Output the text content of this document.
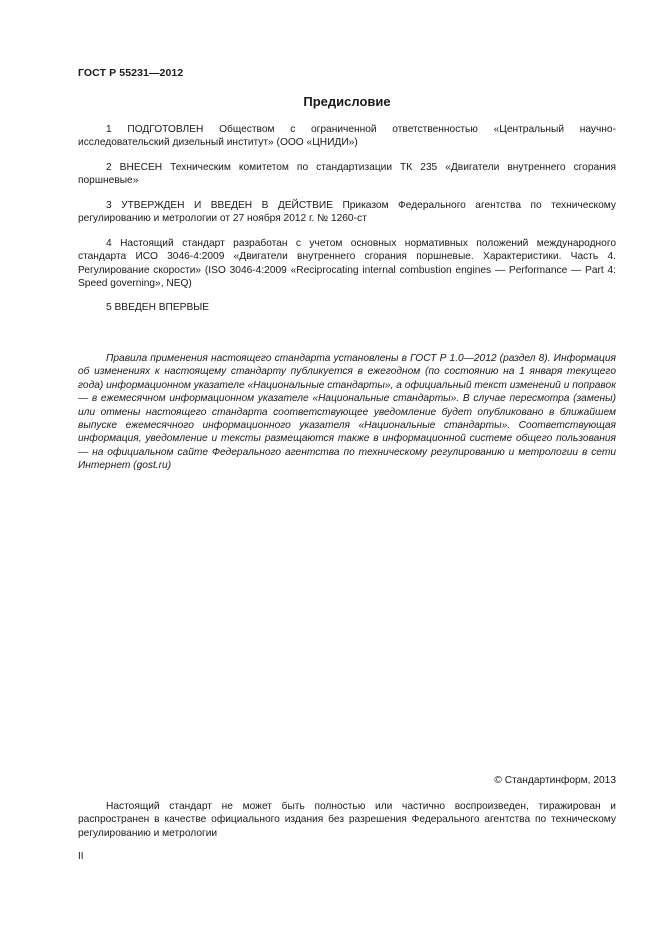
ГОСТ Р 55231—2012
Предисловие

1 ПОДГОТОВЛЕН Обществом с ограниченной ответственностью «Центральный научно-исследовательский дизельный институт» (ООО «ЦНИДИ»)

2 ВНЕСЕН Техническим комитетом по стандартизации ТК 235 «Двигатели внутреннего сгорания поршневые»

3 УТВЕРЖДЕН И ВВЕДЕН В ДЕЙСТВИЕ Приказом Федерального агентства по техническому регулированию и метрологии от 27 ноября 2012 г. № 1260-ст

4 Настоящий стандарт разработан с учетом основных нормативных положений международного стандарта ИСО 3046-4:2009 «Двигатели внутреннего сгорания поршневые. Характеристики. Часть 4. Регулирование скорости» (ISO 3046-4:2009 «Reciprocating internal combustion engines — Performance — Part 4: Speed governing», NEQ)

5 ВВЕДЕН ВПЕРВЫЕ

Правила применения настоящего стандарта установлены в ГОСТ Р 1.0—2012 (раздел 8). Информация об изменениях к настоящему стандарту публикуется в ежегодном (по состоянию на 1 января текущего года) информационном указателе «Национальные стандарты», а официальный текст изменений и поправок — в ежемесячном информационном указателе «Национальные стандарты». В случае пересмотра (замены) или отмены настоящего стандарта соответствующее уведомление будет опубликовано в ближайшем выпуске ежемесячного информационного указателя «Национальные стандарты». Соответствующая информация, уведомление и тексты размещаются также в информационной системе общего пользования — на официальном сайте Федерального агентства по техническому регулированию и метрологии в сети Интернет (gost.ru)

© Стандартинформ, 2013

Настоящий стандарт не может быть полностью или частично воспроизведен, тиражирован и распространен в качестве официального издания без разрешения Федерального агентства по техническому регулированию и метрологии

II
